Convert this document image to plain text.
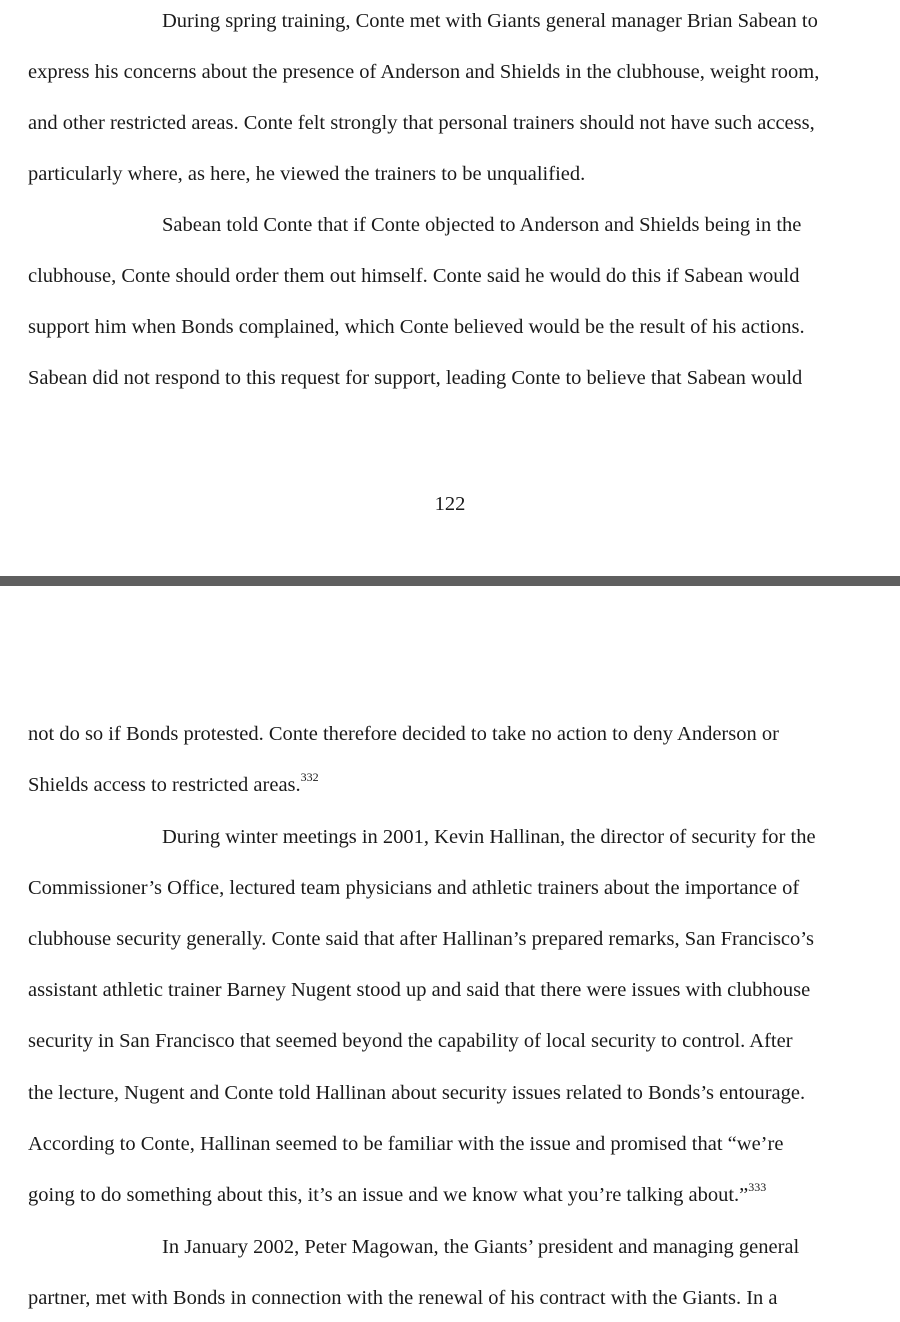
During spring training, Conte met with Giants general manager Brian Sabean to
express his concerns about the presence of Anderson and Shields in the clubhouse, weight room,
and other restricted areas. Conte felt strongly that personal trainers should not have such access,
particularly where, as here, he viewed the trainers to be unqualified.
Sabean told Conte that if Conte objected to Anderson and Shields being in the
clubhouse, Conte should order them out himself. Conte said he would do this if Sabean would
support him when Bonds complained, which Conte believed would be the result of his actions.
Sabean did not respond to this request for support, leading Conte to believe that Sabean would
122
not do so if Bonds protested. Conte therefore decided to take no action to deny Anderson or
Shields access to restricted areas.$^{332}$
During winter meetings in 2001, Kevin Hallinan, the director of security for the
Commissioner’s Office, lectured team physicians and athletic trainers about the importance of
clubhouse security generally. Conte said that after Hallinan’s prepared remarks, San Francisco’s
assistant athletic trainer Barney Nugent stood up and said that there were issues with clubhouse
security in San Francisco that seemed beyond the capability of local security to control. After
the lecture, Nugent and Conte told Hallinan about security issues related to Bonds’s entourage.
According to Conte, Hallinan seemed to be familiar with the issue and promised that “we’re
going to do something about this, it’s an issue and we know what you’re talking about.”$^{333}$
In January 2002, Peter Magowan, the Giants’ president and managing general
partner, met with Bonds in connection with the renewal of his contract with the Giants. In a
